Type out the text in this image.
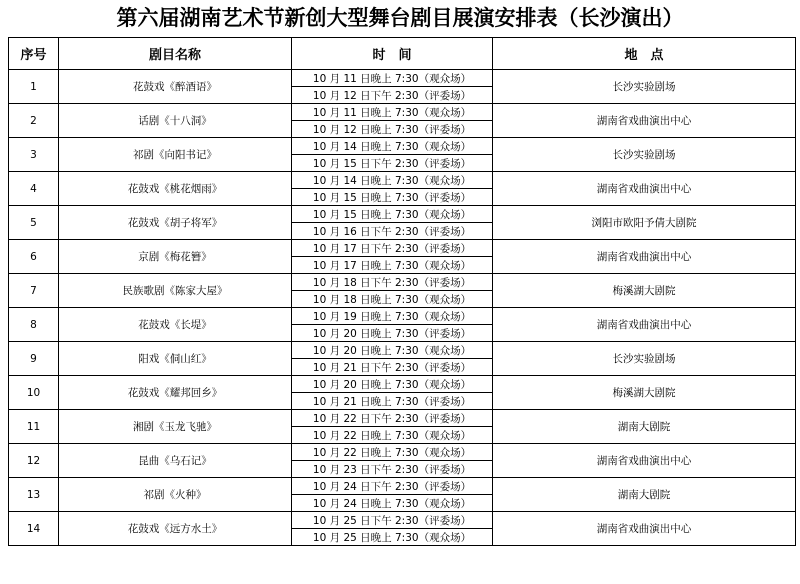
第六届湖南艺术节新创大型舞台剧目展演安排表（长沙演出）
序号	剧目名称	时　间	地　点
1	花鼓戏《醉酒语》	10 月 11 日晚上 7:30（观众场）	长沙实验剧场
		10 月 12 日下午 2:30（评委场）	
2	话剧《十八洞》	10 月 11 日晚上 7:30（观众场）	湖南省戏曲演出中心
		10 月 12 日晚上 7:30（评委场）	
3	祁剧《向阳书记》	10 月 14 日晚上 7:30（观众场）	长沙实验剧场
		10 月 15 日下午 2:30（评委场）	
4	花鼓戏《桃花烟雨》	10 月 14 日晚上 7:30（观众场）	湖南省戏曲演出中心
		10 月 15 日晚上 7:30（评委场）	
5	花鼓戏《胡子将军》	10 月 15 日晚上 7:30（观众场）	浏阳市欧阳予倩大剧院
		10 月 16 日下午 2:30（评委场）	
6	京剧《梅花簪》	10 月 17 日下午 2:30（评委场）	湖南省戏曲演出中心
		10 月 17 日晚上 7:30（观众场）	
7	民族歌剧《陈家大屋》	10 月 18 日下午 2:30（评委场）	梅溪湖大剧院
		10 月 18 日晚上 7:30（观众场）	
8	花鼓戏《长堤》	10 月 19 日晚上 7:30（观众场）	湖南省戏曲演出中心
		10 月 20 日晚上 7:30（评委场）	
9	阳戏《侗山红》	10 月 20 日晚上 7:30（观众场）	长沙实验剧场
		10 月 21 日下午 2:30（评委场）	
10	花鼓戏《耀邦回乡》	10 月 20 日晚上 7:30（观众场）	梅溪湖大剧院
		10 月 21 日晚上 7:30（评委场）	
11	湘剧《玉龙飞驰》	10 月 22 日下午 2:30（评委场）	湖南大剧院
		10 月 22 日晚上 7:30（观众场）	
12	昆曲《乌石记》	10 月 22 日晚上 7:30（观众场）	湖南省戏曲演出中心
		10 月 23 日下午 2:30（评委场）	
13	祁剧《火种》	10 月 24 日下午 2:30（评委场）	湖南大剧院
		10 月 24 日晚上 7:30（观众场）	
14	花鼓戏《远方水土》	10 月 25 日下午 2:30（评委场）	湖南省戏曲演出中心
		10 月 25 日晚上 7:30（观众场）	
